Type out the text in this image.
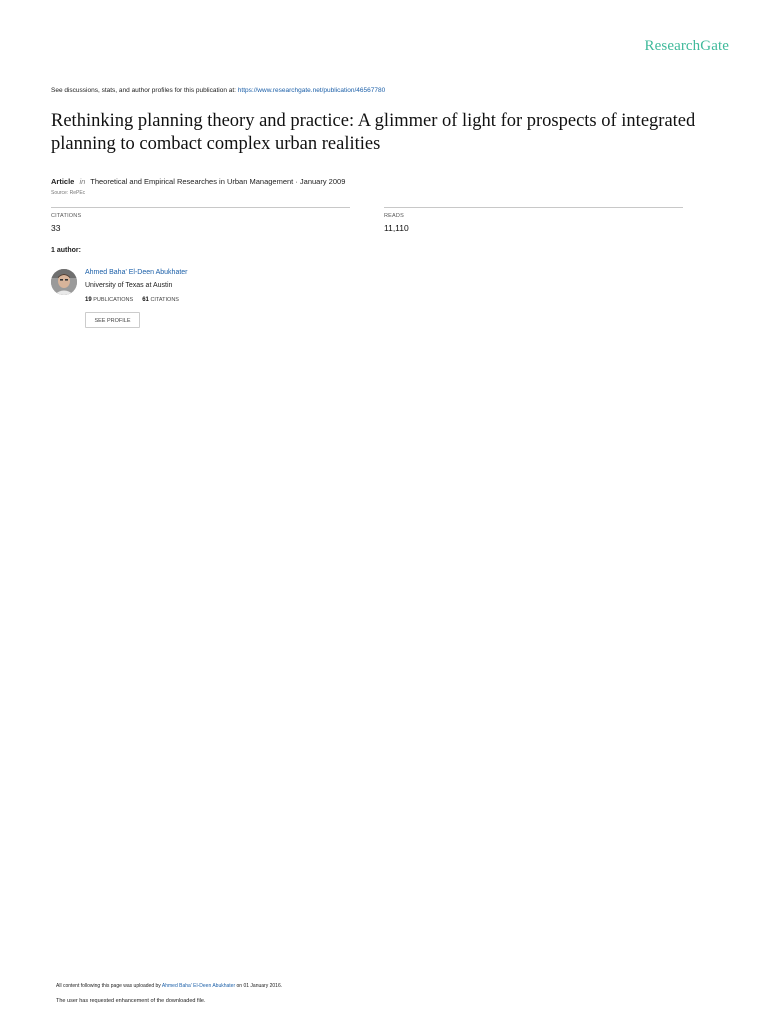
ResearchGate
See discussions, stats, and author profiles for this publication at: https://www.researchgate.net/publication/46567780
Rethinking planning theory and practice: A glimmer of light for prospects of integrated planning to combact complex urban realities
Article in Theoretical and Empirical Researches in Urban Management · January 2009
Source: RePEc
CITATIONS
33
READS
11,110
1 author:
Ahmed Baha' El-Deen Abukhater
University of Texas at Austin
19 PUBLICATIONS 61 CITATIONS
SEE PROFILE
All content following this page was uploaded by Ahmed Baha' El-Deen Abukhater on 01 January 2016.
The user has requested enhancement of the downloaded file.
